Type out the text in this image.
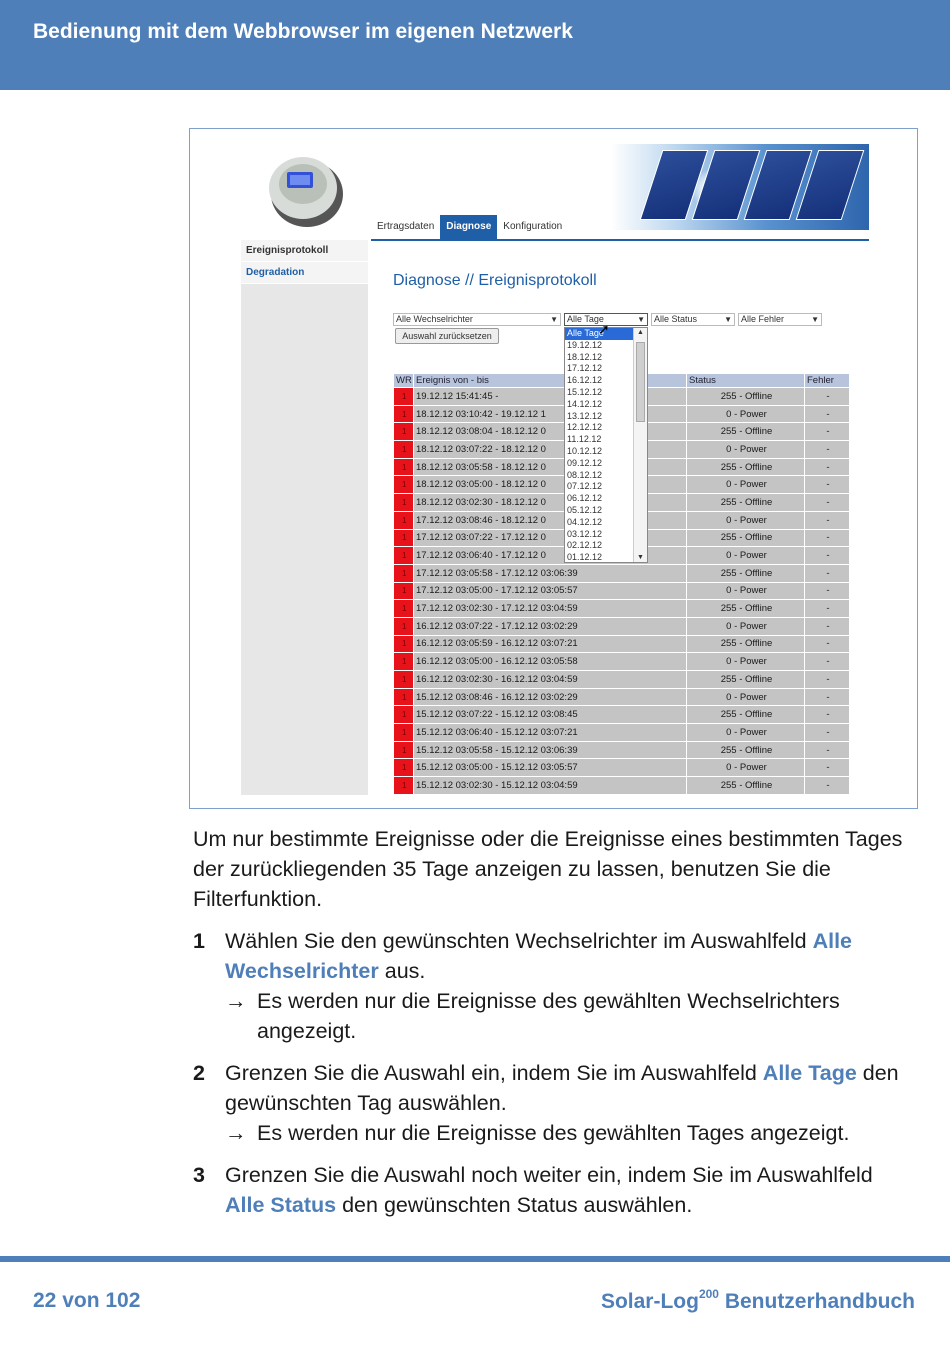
Bedienung mit dem Webbrowser im eigenen Netzwerk
Ertragsdaten	Diagnose	Konfiguration
Ereignisprotokoll
Degradation	Diagnose // Ereignisprotokoll
Alle Wechselrichter	▼	Alle Tage	▼	Alle Status	▼	Alle Fehler	▼
Auswahl zurücksetzen
WR	Ereignis von - bis	Status	Fehler
1	19.12.12 15:41:45 -	255 - Offline	-
1	18.12.12 03:10:42 - 19.12.12 1	0 - Power	-
1	18.12.12 03:08:04 - 18.12.12 0	255 - Offline	-
1	18.12.12 03:07:22 - 18.12.12 0	0 - Power	-
1	18.12.12 03:05:58 - 18.12.12 0	255 - Offline	-
1	18.12.12 03:05:00 - 18.12.12 0	0 - Power	-
1	18.12.12 03:02:30 - 18.12.12 0	255 - Offline	-
1	17.12.12 03:08:46 - 18.12.12 0	0 - Power	-
1	17.12.12 03:07:22 - 17.12.12 0	255 - Offline	-
1	17.12.12 03:06:40 - 17.12.12 0	0 - Power	-
1	17.12.12 03:05:58 - 17.12.12 03:06:39	255 - Offline	-
1	17.12.12 03:05:00 - 17.12.12 03:05:57	0 - Power	-
1	17.12.12 03:02:30 - 17.12.12 03:04:59	255 - Offline	-
1	16.12.12 03:07:22 - 17.12.12 03:02:29	0 - Power	-
1	16.12.12 03:05:59 - 16.12.12 03:07:21	255 - Offline	-
1	16.12.12 03:05:00 - 16.12.12 03:05:58	0 - Power	-
1	16.12.12 03:02:30 - 16.12.12 03:04:59	255 - Offline	-
1	15.12.12 03:08:46 - 16.12.12 03:02:29	0 - Power	-
1	15.12.12 03:07:22 - 15.12.12 03:08:45	255 - Offline	-
1	15.12.12 03:06:40 - 15.12.12 03:07:21	0 - Power	-
1	15.12.12 03:05:58 - 15.12.12 03:06:39	255 - Offline	-
1	15.12.12 03:05:00 - 15.12.12 03:05:57	0 - Power	-
1	15.12.12 03:02:30 - 15.12.12 03:04:59	255 - Offline	-
Alle Tage
19.12.12
18.12.12
17.12.12
16.12.12
15.12.12
14.12.12
13.12.12
12.12.12
11.12.12
10.12.12
09.12.12
08.12.12
07.12.12
06.12.12
05.12.12
04.12.12
03.12.12
02.12.12
01.12.12
▲
▼
➚
Um nur bestimmte Ereignisse oder die Ereignisse eines bestimmten Tages der zurückliegenden 35 Tage anzeigen zu lassen, benutzen Sie die Filterfunktion.
1 Wählen Sie den gewünschten Wechselrichter im Auswahlfeld Alle Wechselrichter aus.
→ Es werden nur die Ereignisse des gewählten Wechselrichters angezeigt.
2 Grenzen Sie die Auswahl ein, indem Sie im Auswahlfeld Alle Tage den gewünschten Tag auswählen.
→ Es werden nur die Ereignisse des gewählten Tages angezeigt.
3 Grenzen Sie die Auswahl noch weiter ein, indem Sie im Auswahlfeld Alle Status den gewünschten Status auswählen.
22 von 102	Solar-Log$^{200}$ Benutzerhandbuch
